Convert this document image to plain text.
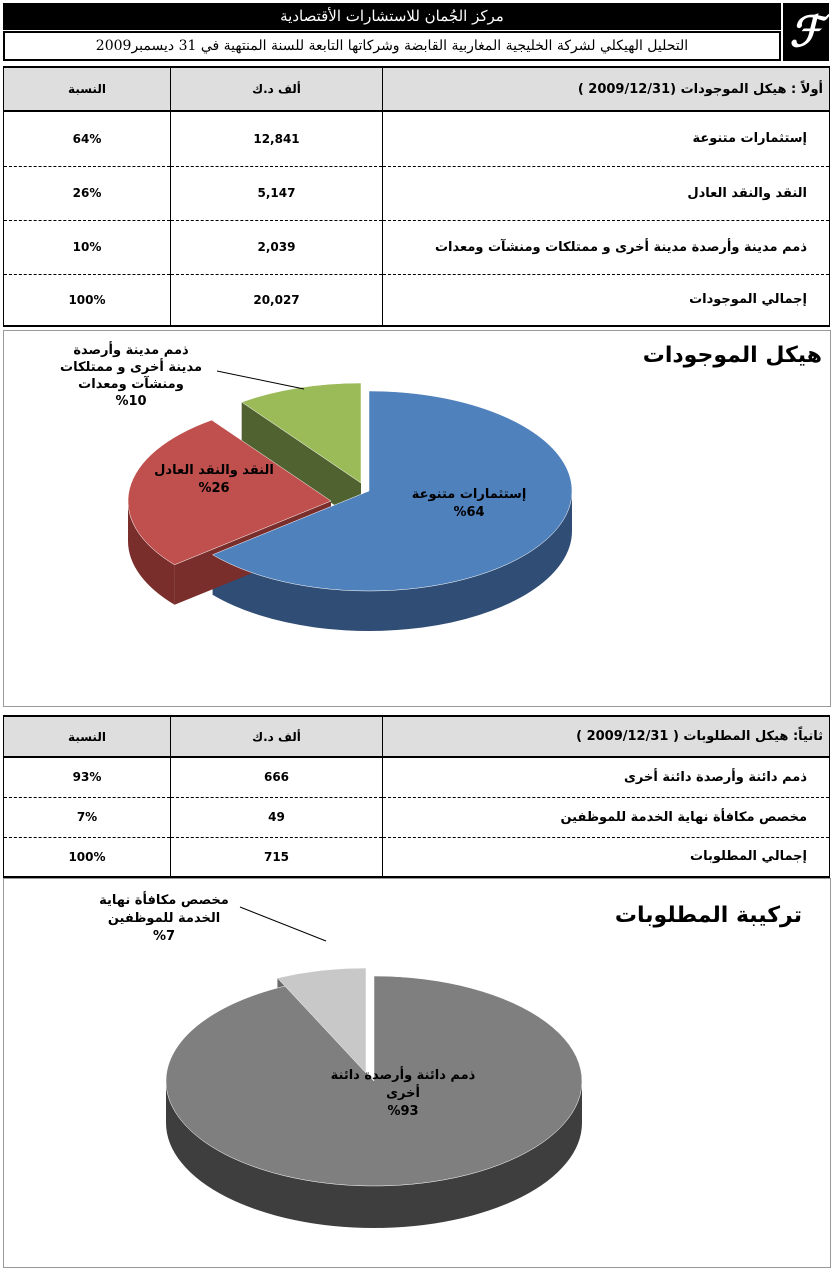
مركز الجُمان للاستشارات الأقتصادية
التحليل الهيكلي لشركة الخليجية المغاربية القابضة وشركاتها التابعة للسنة المنتهية في 31 ديسمبر2009	ℱ
النسبة	ألف د.ك	أولاً : هيكل الموجودات (2009/12/31 )
64%	12,841	إستثمارات متنوعة
26%	5,147	النقد والنقد العادل
10%	2,039	ذمم مدينة وأرصدة مدينة أخرى و ممتلكات ومنشآت ومعدات
100%	20,027	إجمالي الموجودات
هيكل الموجودات
إستثمارات متنوعة
%64
النقد والنقد العادل
%26
ذمم مدينة وأرصدة
مدينة أخرى و ممتلكات
ومنشآت ومعدات
%10
النسبة	ألف د.ك	ثانياً: هيكل المطلوبات ( 2009/12/31 )
93%	666	ذمم دائنة وأرصدة دائنة أخرى
7%	49	مخصص مكافأة نهاية الخدمة للموظفين
100%	715	إجمالي المطلوبات
تركيبة المطلوبات
ذمم دائنة وأرصدة دائنة
أخرى
%93
مخصص مكافأة نهاية
الخدمة للموظفين
%7
